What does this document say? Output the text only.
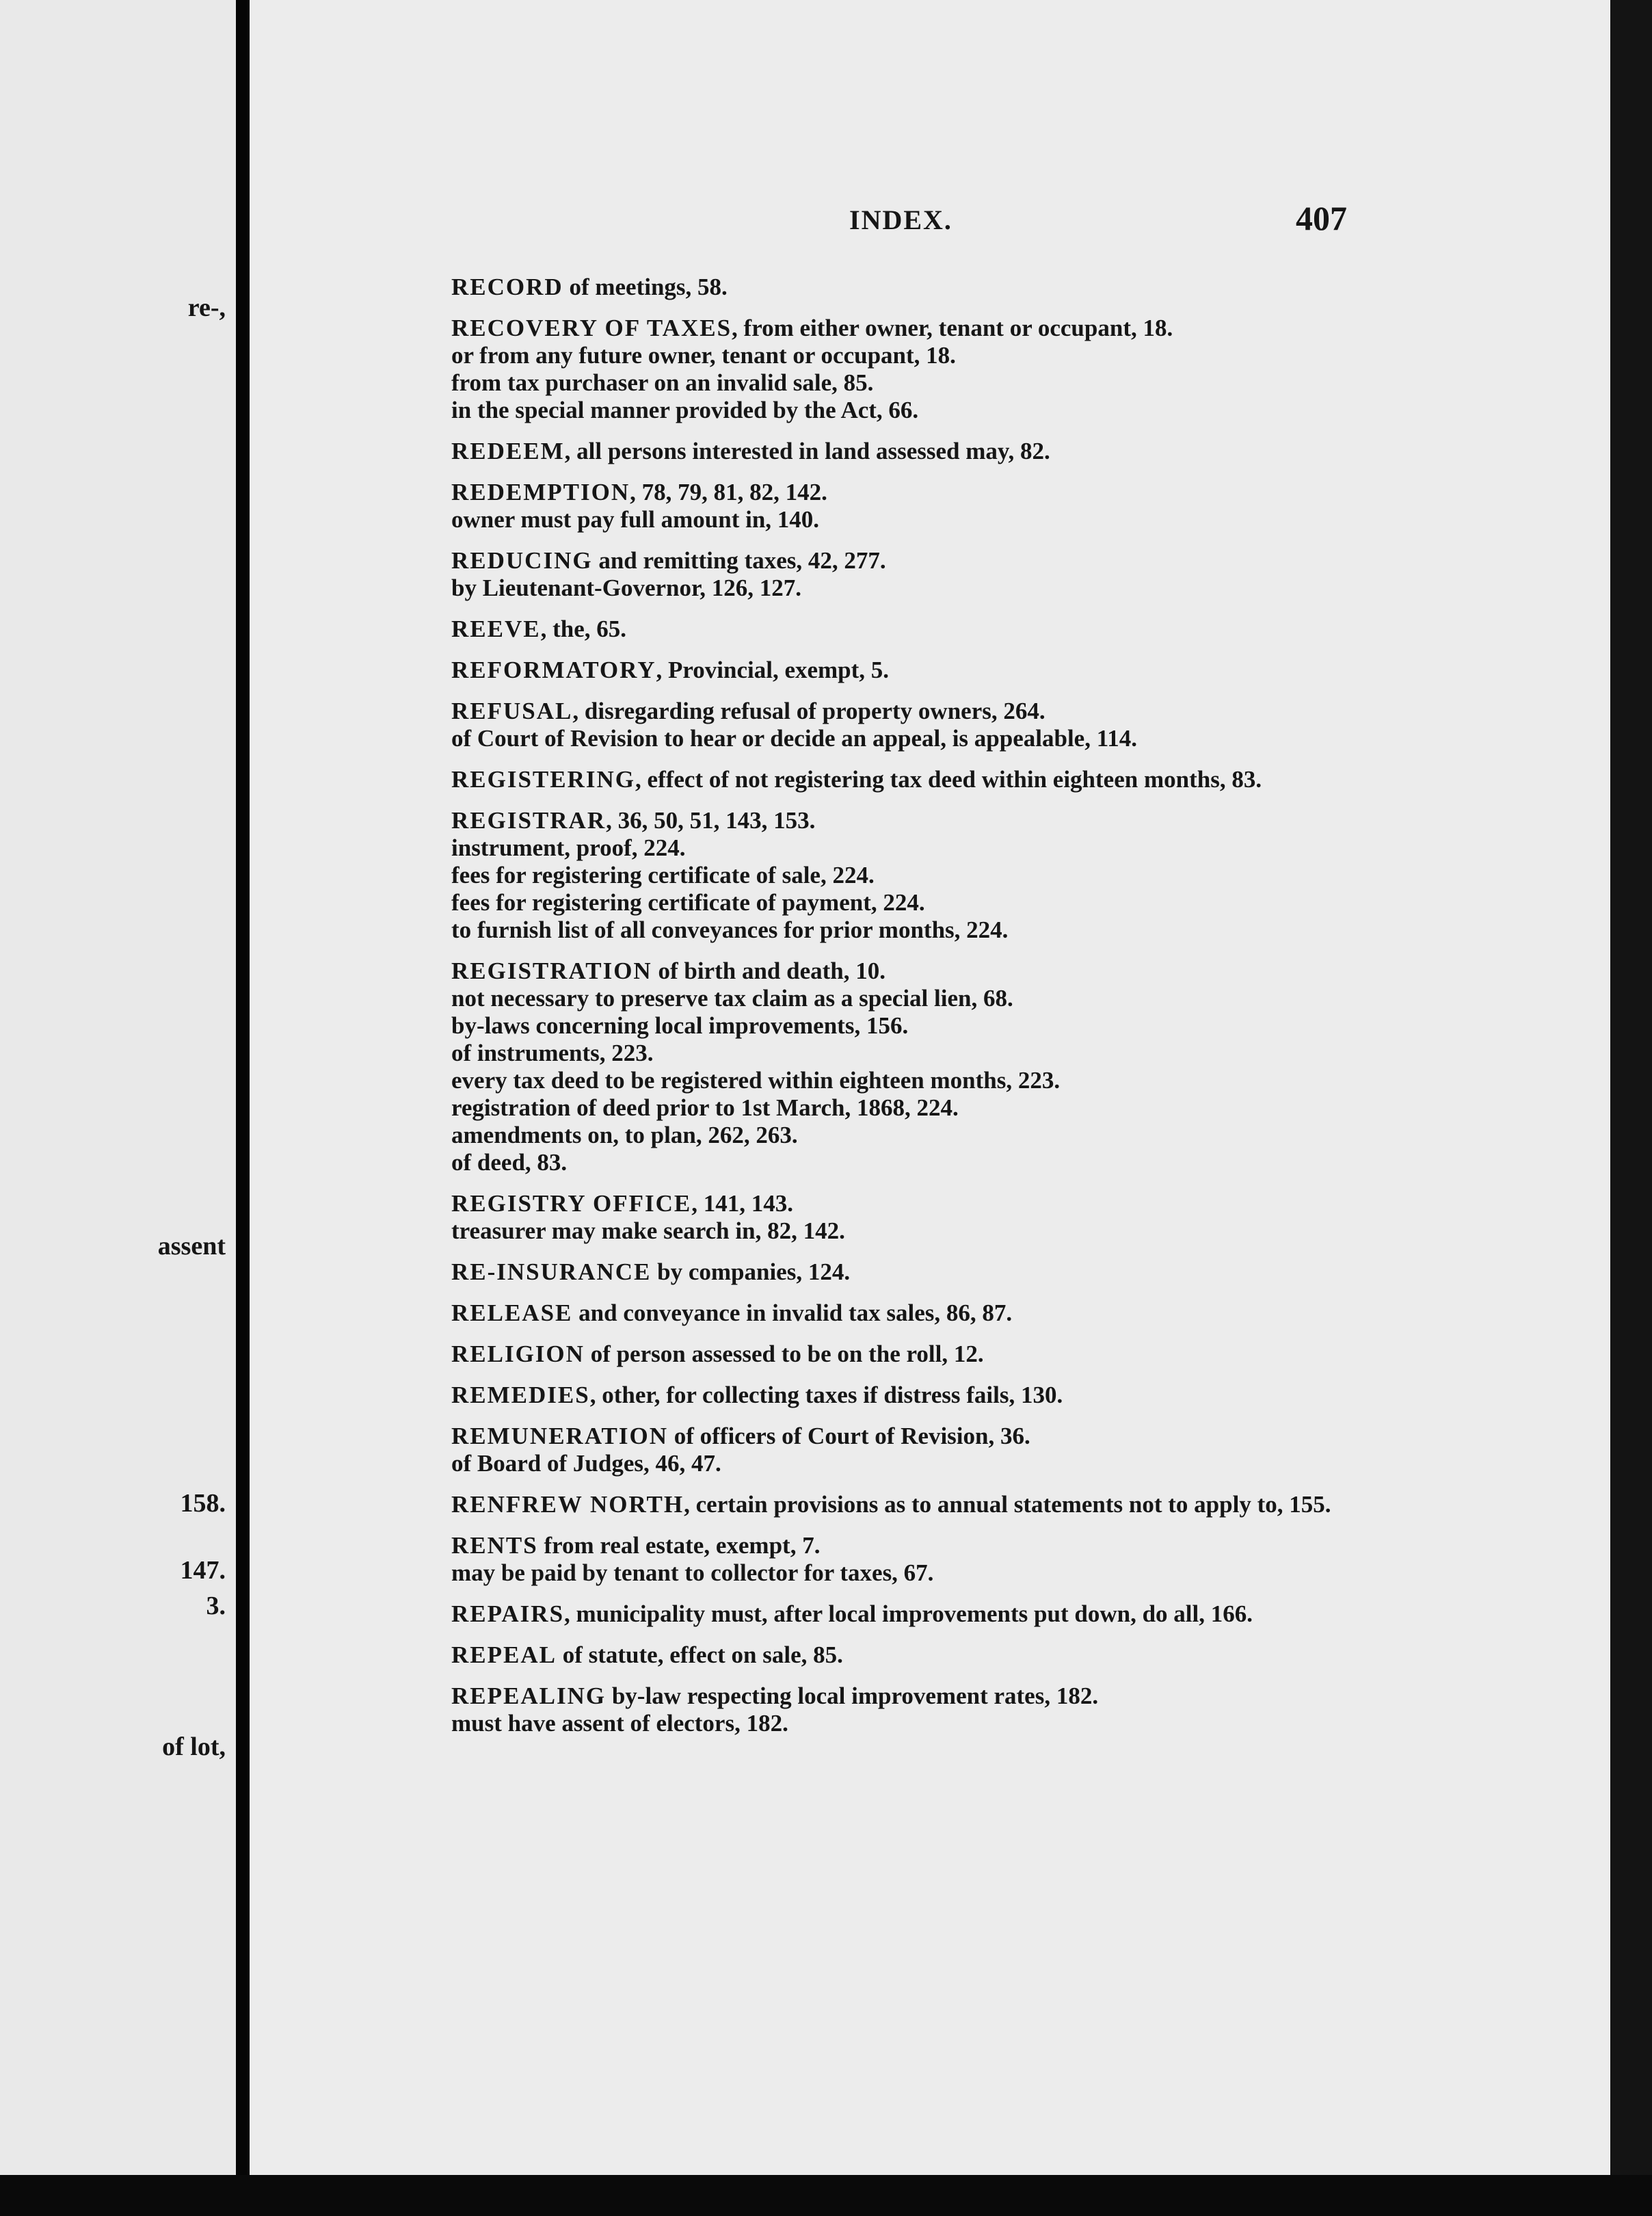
re‑,
assent
158.
147.
3.
of lot,
INDEX.	407
RECORD of meetings, 58.
RECOVERY OF TAXES, from either owner, tenant or occupant, 18.
or from any future owner, tenant or occupant, 18.
from tax purchaser on an invalid sale, 85.
in the special manner provided by the Act, 66.
REDEEM, all persons interested in land assessed may, 82.
REDEMPTION, 78, 79, 81, 82, 142.
owner must pay full amount in, 140.
REDUCING and remitting taxes, 42, 277.
by Lieutenant-Governor, 126, 127.
REEVE, the, 65.
REFORMATORY, Provincial, exempt, 5.
REFUSAL, disregarding refusal of property owners, 264.
of Court of Revision to hear or decide an appeal, is appealable, 114.
REGISTERING, effect of not registering tax deed within eighteen months, 83.
REGISTRAR, 36, 50, 51, 143, 153.
instrument, proof, 224.
fees for registering certificate of sale, 224.
fees for registering certificate of payment, 224.
to furnish list of all conveyances for prior months, 224.
REGISTRATION of birth and death, 10.
not necessary to preserve tax claim as a special lien, 68.
by-laws concerning local improvements, 156.
of instruments, 223.
every tax deed to be registered within eighteen months, 223.
registration of deed prior to 1st March, 1868, 224.
amendments on, to plan, 262, 263.
of deed, 83.
REGISTRY OFFICE, 141, 143.
treasurer may make search in, 82, 142.
RE-INSURANCE by companies, 124.
RELEASE and conveyance in invalid tax sales, 86, 87.
RELIGION of person assessed to be on the roll, 12.
REMEDIES, other, for collecting taxes if distress fails, 130.
REMUNERATION of officers of Court of Revision, 36.
of Board of Judges, 46, 47.
RENFREW NORTH, certain provisions as to annual statements not to apply to, 155.
RENTS from real estate, exempt, 7.
may be paid by tenant to collector for taxes, 67.
REPAIRS, municipality must, after local improvements put down, do all, 166.
REPEAL of statute, effect on sale, 85.
REPEALING by-law respecting local improvement rates, 182.
must have assent of electors, 182.
